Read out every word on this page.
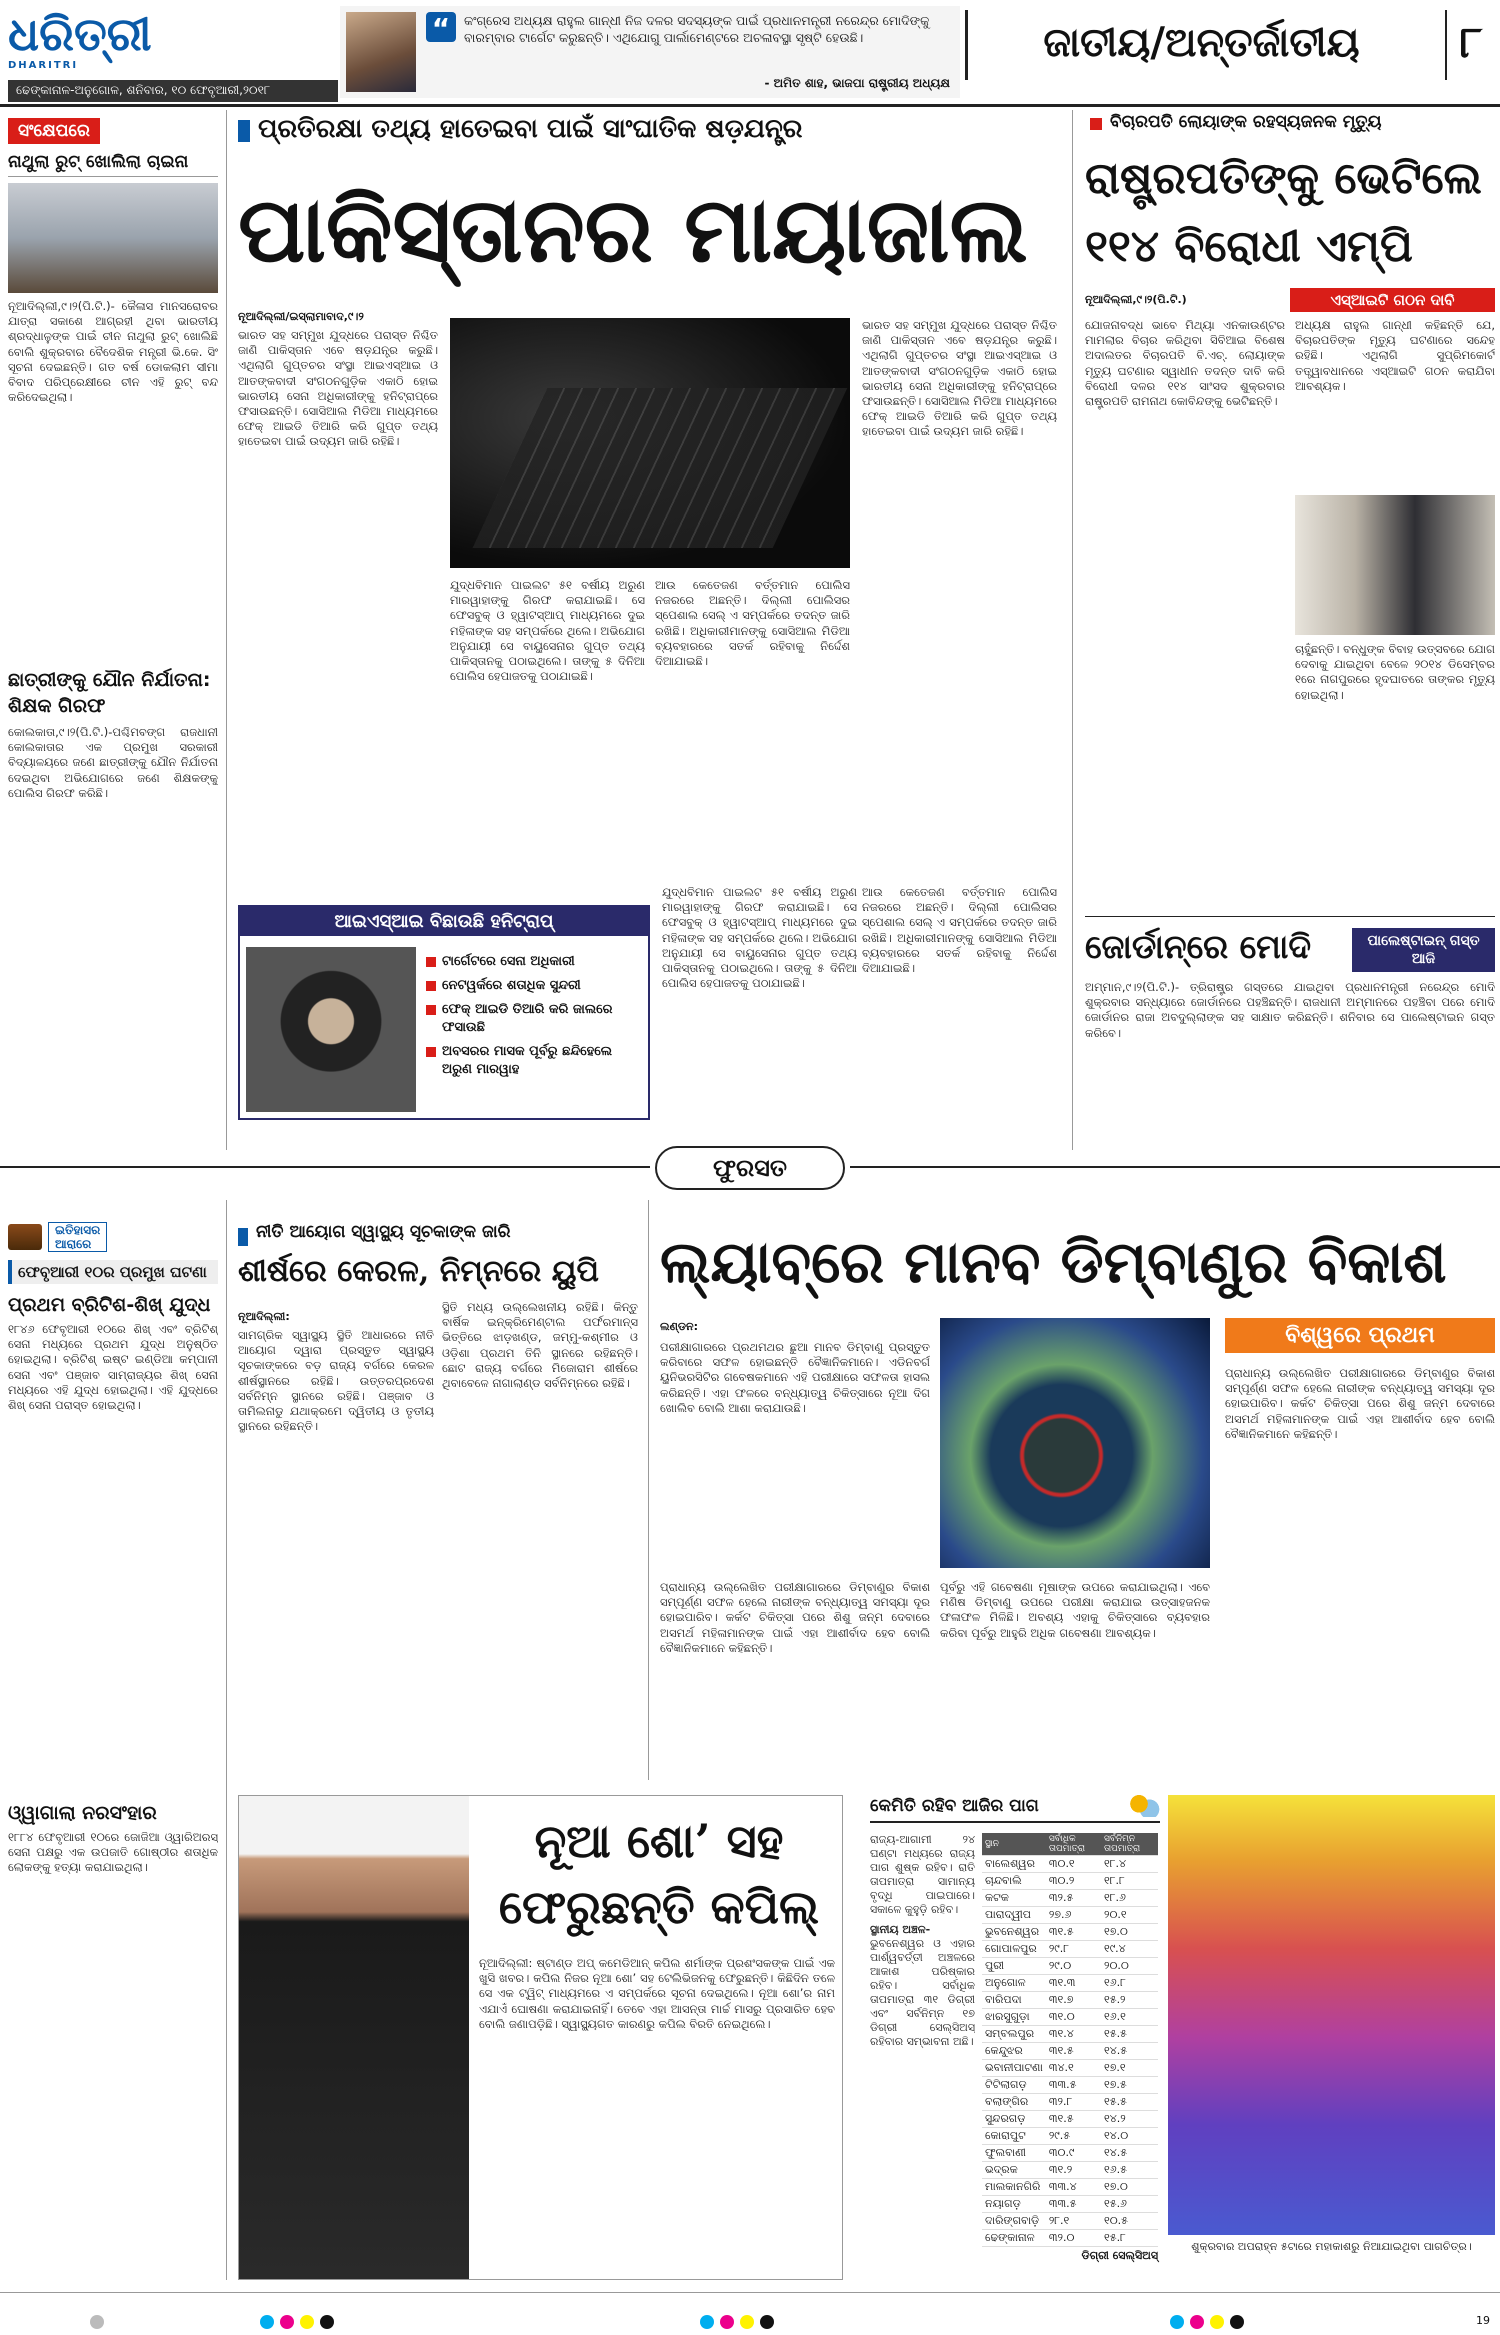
ଧରିତ୍ରୀ
DHARITRI
ଢେଙ୍କାନାଳ-ଅନୁଗୋଳ, ଶନିବାର, ୧୦ ଫେବୃଆରୀ,୨୦୧୮
“	କଂଗ୍ରେସ ଅଧ୍ୟକ୍ଷ ରାହୁଲ ଗାନ୍ଧୀ ନିଜ ଦଳର ସଦସ୍ୟଙ୍କ ପାଇଁ ପ୍ରଧାନମନ୍ତ୍ରୀ ନରେନ୍ଦ୍ର ମୋଦିଙ୍କୁ ବାରମ୍ବାର ଟାର୍ଗେଟ କରୁଛନ୍ତି। ଏଥିଯୋଗୁ ପାର୍ଲାମେଣ୍ଟରେ ଅଚଳାବସ୍ଥା ସୃଷ୍ଟି ହେଉଛି।
- ଅମିତ ଶାହ, ଭାଜପା ରାଷ୍ଟ୍ରୀୟ ଅଧ୍ୟକ୍ଷ
ଜାତୀୟ/ଅନ୍ତର୍ଜାତୀୟ	୮
ସଂକ୍ଷେପରେ
ନାଥୁଲା ରୁଟ୍ ଖୋଲିଲା ଚାଇନା
ନୂଆଦିଲ୍ଲୀ,୯।୨(ପି.ଟି.)- କୈଳାସ ମାନସରୋବର ଯାତ୍ରା ସକାଶେ ଆଗ୍ରହୀ ଥିବା ଭାରତୀୟ ଶ୍ରଦ୍ଧାଳୁଙ୍କ ପାଇଁ ଚୀନ ନାଥୁଲା ରୁଟ୍ ଖୋଲିଛି ବୋଲି ଶୁକ୍ରବାର ବୈଦେଶିକ ମନ୍ତ୍ରୀ ଭି.କେ. ସିଂ ସୂଚନା ଦେଇଛନ୍ତି। ଗତ ବର୍ଷ ଡୋକଲାମ ସୀମା ବିବାଦ ପରିପ୍ରେକ୍ଷୀରେ ଚୀନ ଏହି ରୁଟ୍ ବନ୍ଦ କରିଦେଇଥିଲା।
ଛାତ୍ରୀଙ୍କୁ ଯୌନ ନିର୍ଯାତନା: ଶିକ୍ଷକ ଗିରଫ
କୋଲକାତା,୯।୨(ପି.ଟି.)-ପଶ୍ଚିମବଙ୍ଗ ରାଜଧାନୀ କୋଲକାତାର ଏକ ପ୍ରମୁଖ ସରକାରୀ ବିଦ୍ୟାଳୟରେ ଜଣେ ଛାତ୍ରୀଙ୍କୁ ଯୌନ ନିର୍ଯାତନା ଦେଇଥିବା ଅଭିଯୋଗରେ ଜଣେ ଶିକ୍ଷକଙ୍କୁ ପୋଲିସ ଗିରଫ କରିଛି।
ପ୍ରତିରକ୍ଷା ତଥ୍ୟ ହାତେଇବା ପାଇଁ ସାଂଘାତିକ ଷଡ଼ଯନ୍ତ୍ର
ପାକିସ୍ତାନର ମାୟାଜାଲ
ନୂଆଦିଲ୍ଲୀ/ଇସ୍‌ଲାମାବାଦ,୯।୨
ଭାରତ ସହ ସମ୍ମୁଖ ଯୁଦ୍ଧରେ ପରାସ୍ତ ନିଶ୍ଚିତ ଜାଣି ପାକିସ୍ତାନ ଏବେ ଷଡ଼ଯନ୍ତ୍ର କରୁଛି। ଏଥିଲାଗି ଗୁପ୍ତଚର ସଂସ୍ଥା ଆଇଏସ୍‌ଆଇ ଓ ଆତଙ୍କବାଦୀ ସଂଗଠନଗୁଡ଼ିକ ଏକାଠି ହୋଇ ଭାରତୀୟ ସେନା ଅଧିକାରୀଙ୍କୁ ହନିଟ୍ରାପ୍‌ରେ ଫସାଉଛନ୍ତି। ସୋସିଆଲ ମିଡିଆ ମାଧ୍ୟମରେ ଫେକ୍ ଆଇଡି ତିଆରି କରି ଗୁପ୍ତ ତଥ୍ୟ ହାତେଇବା ପାଇଁ ଉଦ୍ୟମ ଜାରି ରହିଛି।
ଯୁଦ୍ଧବିମାନ ପାଇଲଟ ୫୧ ବର୍ଷୀୟ ଅରୁଣ ମାରୱାହାଙ୍କୁ ଗିରଫ କରାଯାଇଛି। ସେ ଫେସବୁକ୍ ଓ ହ୍ୱାଟସ୍‌ଆପ୍ ମାଧ୍ୟମରେ ଦୁଇ ମହିଳାଙ୍କ ସହ ସମ୍ପର୍କରେ ଥିଲେ। ଅଭିଯୋଗ ଅନୁଯାୟୀ ସେ ବାୟୁସେନାର ଗୁପ୍ତ ତଥ୍ୟ ପାକିସ୍ତାନକୁ ପଠାଇଥିଲେ। ତାଙ୍କୁ ୫ ଦିନିଆ ପୋଲିସ ହେପାଜତକୁ ପଠାଯାଇଛି।
ଆଉ କେତେଜଣ ବର୍ତ୍ତମାନ ପୋଲିସ ନଜରରେ ଅଛନ୍ତି। ଦିଲ୍ଲୀ ପୋଲିସର ସ୍ପେଶାଲ ସେଲ୍ ଏ ସମ୍ପର୍କରେ ତଦନ୍ତ ଜାରି ରଖିଛି। ଅଧିକାରୀମାନଙ୍କୁ ସୋସିଆଲ ମିଡିଆ ବ୍ୟବହାରରେ ସତର୍କ ରହିବାକୁ ନିର୍ଦ୍ଦେଶ ଦିଆଯାଇଛି।
ଭାରତ ସହ ସମ୍ମୁଖ ଯୁଦ୍ଧରେ ପରାସ୍ତ ନିଶ୍ଚିତ ଜାଣି ପାକିସ୍ତାନ ଏବେ ଷଡ଼ଯନ୍ତ୍ର କରୁଛି। ଏଥିଲାଗି ଗୁପ୍ତଚର ସଂସ୍ଥା ଆଇଏସ୍‌ଆଇ ଓ ଆତଙ୍କବାଦୀ ସଂଗଠନଗୁଡ଼ିକ ଏକାଠି ହୋଇ ଭାରତୀୟ ସେନା ଅଧିକାରୀଙ୍କୁ ହନିଟ୍ରାପ୍‌ରେ ଫସାଉଛନ୍ତି। ସୋସିଆଲ ମିଡିଆ ମାଧ୍ୟମରେ ଫେକ୍ ଆଇଡି ତିଆରି କରି ଗୁପ୍ତ ତଥ୍ୟ ହାତେଇବା ପାଇଁ ଉଦ୍ୟମ ଜାରି ରହିଛି।
ଆଇଏସ୍‌ଆଇ ବିଛାଉଛି ହନିଟ୍ରାପ୍
ଟାର୍ଗେଟରେ ସେନା ଅଧିକାରୀ
ନେଟୱର୍କରେ ଶତାଧିକ ସୁନ୍ଦରୀ
ଫେକ୍ ଆଇଡି ତିଆରି କରି ଜାଲରେ ଫସାଉଛି
ଅବସରର ମାସକ ପୂର୍ବରୁ ଛନ୍ଦିହେଲେ ଅରୁଣ ମାରୱାହ
ଯୁଦ୍ଧବିମାନ ପାଇଲଟ ୫୧ ବର୍ଷୀୟ ଅରୁଣ ମାରୱାହାଙ୍କୁ ଗିରଫ କରାଯାଇଛି। ସେ ଫେସବୁକ୍ ଓ ହ୍ୱାଟସ୍‌ଆପ୍ ମାଧ୍ୟମରେ ଦୁଇ ମହିଳାଙ୍କ ସହ ସମ୍ପର୍କରେ ଥିଲେ। ଅଭିଯୋଗ ଅନୁଯାୟୀ ସେ ବାୟୁସେନାର ଗୁପ୍ତ ତଥ୍ୟ ପାକିସ୍ତାନକୁ ପଠାଇଥିଲେ। ତାଙ୍କୁ ୫ ଦିନିଆ ପୋଲିସ ହେପାଜତକୁ ପଠାଯାଇଛି।
ଆଉ କେତେଜଣ ବର୍ତ୍ତମାନ ପୋଲିସ ନଜରରେ ଅଛନ୍ତି। ଦିଲ୍ଲୀ ପୋଲିସର ସ୍ପେଶାଲ ସେଲ୍ ଏ ସମ୍ପର୍କରେ ତଦନ୍ତ ଜାରି ରଖିଛି। ଅଧିକାରୀମାନଙ୍କୁ ସୋସିଆଲ ମିଡିଆ ବ୍ୟବହାରରେ ସତର୍କ ରହିବାକୁ ନିର୍ଦ୍ଦେଶ ଦିଆଯାଇଛି।
ବିଚାରପତି ଲୋୟାଙ୍କ ରହସ୍ୟଜନକ ମୃତ୍ୟୁ
ରାଷ୍ଟ୍ରପତିଙ୍କୁ ଭେଟିଲେ
୧୧୪ ବିରୋଧୀ ଏମ୍‌ପି
ନୂଆଦିଲ୍ଲୀ,୯।୨(ପି.ଟି.)	ଏସ୍‌ଆଇଟି ଗଠନ ଦାବି
ଯୋଜନାବଦ୍ଧ ଭାବେ ମିଥ୍ୟା ଏନକାଉଣ୍ଟର ମାମଲାର ବିଚାର କରିଥିବା ସିବିଆଇ ବିଶେଷ ଅଦାଲତର ବିଚାରପତି ବି.ଏଚ୍. ଲୋୟାଙ୍କ ମୃତ୍ୟୁ ଘଟଣାର ସ୍ୱାଧୀନ ତଦନ୍ତ ଦାବି କରି ବିରୋଧୀ ଦଳର ୧୧୪ ସାଂସଦ ଶୁକ୍ରବାର ରାଷ୍ଟ୍ରପତି ରାମନାଥ କୋବିନ୍ଦଙ୍କୁ ଭେଟିଛନ୍ତି।
ଅଧ୍ୟକ୍ଷ ରାହୁଲ ଗାନ୍ଧୀ କହିଛନ୍ତି ଯେ, ବିଚାରପତିଙ୍କ ମୃତ୍ୟୁ ଘଟଣାରେ ସନ୍ଦେହ ରହିଛି। ଏଥିଲାଗି ସୁପ୍ରିମକୋର୍ଟ ତତ୍ତ୍ୱାବଧାନରେ ଏସ୍‌ଆଇଟି ଗଠନ କରାଯିବା ଆବଶ୍ୟକ।
ଚାହୁଁଛନ୍ତି। ବନ୍ଧୁଙ୍କ ବିବାହ ଉତ୍ସବରେ ଯୋଗ ଦେବାକୁ ଯାଇଥିବା ବେଳେ ୨୦୧୪ ଡିସେମ୍ବର ୧ରେ ନାଗପୁରରେ ହୃଦଘାତରେ ତାଙ୍କର ମୃତ୍ୟୁ ହୋଇଥିଲା।
ଜୋର୍ଡାନ୍‌ରେ ମୋଦି	ପାଲେଷ୍ଟାଇନ୍ ଗସ୍ତ ଆଜି
ଅମ୍ମାନ,୯।୨(ପି.ଟି.)- ତ୍ରିରାଷ୍ଟ୍ର ଗସ୍ତରେ ଯାଇଥିବା ପ୍ରଧାନମନ୍ତ୍ରୀ ନରେନ୍ଦ୍ର ମୋଦି ଶୁକ୍ରବାର ସନ୍ଧ୍ୟାରେ ଜୋର୍ଡାନରେ ପହଞ୍ଚିଛନ୍ତି। ରାଜଧାନୀ ଅମ୍ମାନରେ ପହଞ୍ଚିବା ପରେ ମୋଦି ଜୋର୍ଡାନର ରାଜା ଅବଦୁଲ୍ଲାଙ୍କ ସହ ସାକ୍ଷାତ କରିଛନ୍ତି। ଶନିବାର ସେ ପାଲେଷ୍ଟାଇନ ଗସ୍ତ କରିବେ।
ଫୁରସତ
ଇତିହାସର
ଆରାରେ
ଫେବୃଆରୀ ୧୦ର ପ୍ରମୁଖ ଘଟଣା
ପ୍ରଥମ ବ୍ରିଟିଶ-ଶିଖ୍ ଯୁଦ୍ଧ
୧୮୪୬ ଫେବୃଆରୀ ୧୦ରେ ଶିଖ୍ ଏବଂ ବ୍ରିଟିଶ୍ ସେନା ମଧ୍ୟରେ ପ୍ରଥମ ଯୁଦ୍ଧ ଅନୁଷ୍ଠିତ ହୋଇଥିଲା। ବ୍ରିଟିଶ୍ ଇଷ୍ଟ ଇଣ୍ଡିଆ କମ୍ପାନୀ ସେନା ଏବଂ ପଞ୍ଜାବ ସାମ୍ରାଜ୍ୟର ଶିଖ୍ ସେନା ମଧ୍ୟରେ ଏହି ଯୁଦ୍ଧ ହୋଇଥିଲା। ଏହି ଯୁଦ୍ଧରେ ଶିଖ୍ ସେନା ପରାସ୍ତ ହୋଇଥିଲା।
ଓ୍ୱାଗାଲା ନରସଂହାର
୧୮୮୪ ଫେବୃଆରୀ ୧୦ରେ ଜୋଜିଆ ଓ୍ୱାରିଅରସ୍ ସେନା ପକ୍ଷରୁ ଏକ ଉପଜାତି ଗୋଷ୍ଠୀର ଶତାଧିକ ଲୋକଙ୍କୁ ହତ୍ୟା କରାଯାଇଥିଲା।
ନୀତି ଆୟୋଗ ସ୍ୱାସ୍ଥ୍ୟ ସୂଚକାଙ୍କ ଜାରି
ଶୀର୍ଷରେ କେରଳ, ନିମ୍ନରେ ୟୁପି
ନୂଆଦିଲ୍ଲୀ:
ସାମଗ୍ରିକ ସ୍ୱାସ୍ଥ୍ୟ ସ୍ଥିତି ଆଧାରରେ ନୀତି ଆୟୋଗ ଦ୍ୱାରା ପ୍ରସ୍ତୁତ ସ୍ୱାସ୍ଥ୍ୟ ସୂଚକାଙ୍କରେ ବଡ଼ ରାଜ୍ୟ ବର୍ଗରେ କେରଳ ଶୀର୍ଷସ୍ଥାନରେ ରହିଛି। ଉତ୍ତରପ୍ରଦେଶ ସର୍ବନିମ୍ନ ସ୍ଥାନରେ ରହିଛି। ପଞ୍ଜାବ ଓ ତାମିଲନାଡୁ ଯଥାକ୍ରମେ ଦ୍ୱିତୀୟ ଓ ତୃତୀୟ ସ୍ଥାନରେ ରହିଛନ୍ତି।
ସ୍ଥିତି ମଧ୍ୟ ଉଲ୍ଲେଖନୀୟ ରହିଛି। କିନ୍ତୁ ବାର୍ଷିକ ଇନ୍‌କ୍ରିମେଣ୍ଟାଲ ପର୍ଫରମାନ୍ସ ଭିତ୍ତିରେ ଝାଡ଼଼ଖଣ୍ଡ, ଜମ୍ମୁ-କଶ୍ମୀର ଓ ଓଡ଼ିଶା ପ୍ରଥମ ତିନି ସ୍ଥାନରେ ରହିଛନ୍ତି। ଛୋଟ ରାଜ୍ୟ ବର୍ଗରେ ମିଜୋରାମ ଶୀର୍ଷରେ ଥିବାବେଳେ ନାଗାଲାଣ୍ଡ ସର୍ବନିମ୍ନରେ ରହିଛି।
ଲ୍ୟାବ୍‌ରେ ମାନବ ଡିମ୍ବାଣୁର ବିକାଶ
ଲଣ୍ଡନ:
ପରୀକ୍ଷାଗାରରେ ପ୍ରଥମଥର ଛୁଆ ମାନବ ଡିମ୍ବାଣୁ ପ୍ରସ୍ତୁତ କରିବାରେ ସଫଳ ହୋଇଛନ୍ତି ବୈଜ୍ଞାନିକମାନେ। ଏଡିନବର୍ଗ ୟୁନିଭରସିଟିର ଗବେଷକମାନେ ଏହି ପରୀକ୍ଷାରେ ସଫଳତା ହାସଲ କରିଛନ୍ତି। ଏହା ଫଳରେ ବନ୍ଧ୍ୟାତ୍ୱ ଚିକିତ୍ସାରେ ନୂଆ ଦିଗ ଖୋଲିବ ବୋଲି ଆଶା କରାଯାଉଛି।
ପ୍ରାଧାନ୍ୟ ଉଲ୍ଲେଖିତ ପରୀକ୍ଷାଗାରରେ ଡିମ୍ବାଣୁର ବିକାଶ ସମ୍ପୂର୍ଣ୍ଣ ସଫଳ ହେଲେ ନାରୀଙ୍କ ବନ୍ଧ୍ୟାତ୍ୱ ସମସ୍ୟା ଦୂର ହୋଇପାରିବ। କର୍କଟ ଚିକିତ୍ସା ପରେ ଶିଶୁ ଜନ୍ମ ଦେବାରେ ଅସମର୍ଥ ମହିଳାମାନଙ୍କ ପାଇଁ ଏହା ଆଶୀର୍ବାଦ ହେବ ବୋଲି ବୈଜ୍ଞାନିକମାନେ କହିଛନ୍ତି।
ପୂର୍ବରୁ ଏହି ଗବେଷଣା ମୂଷାଙ୍କ ଉପରେ କରାଯାଇଥିଲା। ଏବେ ମଣିଷ ଡିମ୍ବାଣୁ ଉପରେ ପରୀକ୍ଷା କରାଯାଇ ଉତ୍ସାହଜନକ ଫଳାଫଳ ମିଳିଛି। ଅବଶ୍ୟ ଏହାକୁ ଚିକିତ୍ସାରେ ବ୍ୟବହାର କରିବା ପୂର୍ବରୁ ଆହୁରି ଅଧିକ ଗବେଷଣା ଆବଶ୍ୟକ।
ବିଶ୍ୱରେ ପ୍ରଥମ
ପ୍ରାଧାନ୍ୟ ଉଲ୍ଲେଖିତ ପରୀକ୍ଷାଗାରରେ ଡିମ୍ବାଣୁର ବିକାଶ ସମ୍ପୂର୍ଣ୍ଣ ସଫଳ ହେଲେ ନାରୀଙ୍କ ବନ୍ଧ୍ୟାତ୍ୱ ସମସ୍ୟା ଦୂର ହୋଇପାରିବ। କର୍କଟ ଚିକିତ୍ସା ପରେ ଶିଶୁ ଜନ୍ମ ଦେବାରେ ଅସମର୍ଥ ମହିଳାମାନଙ୍କ ପାଇଁ ଏହା ଆଶୀର୍ବାଦ ହେବ ବୋଲି ବୈଜ୍ଞାନିକମାନେ କହିଛନ୍ତି।
ନୂଆ ଶୋ’ ସହ
ଫେରୁଛନ୍ତି କପିଲ୍
ନୂଆଦିଲ୍ଲୀ: ଷ୍ଟାଣ୍ଡ ଅପ୍ କମେଡିଆନ୍ କପିଲ ଶର୍ମାଙ୍କ ପ୍ରଶଂସକଙ୍କ ପାଇଁ ଏକ ଖୁସି ଖବର। କପିଲ ନିଜର ନୂଆ ଶୋ’ ସହ ଟେଲିଭିଜନକୁ ଫେରୁଛନ୍ତି। କିଛିଦିନ ତଳେ ସେ ଏକ ଟ୍ୱିଟ୍ ମାଧ୍ୟମରେ ଏ ସମ୍ପର୍କରେ ସୂଚନା ଦେଇଥିଲେ। ନୂଆ ଶୋ’ର ନାମ ଏଯାଏଁ ଘୋଷଣା କରାଯାଇନାହିଁ। ତେବେ ଏହା ଆସନ୍ତା ମାର୍ଚ୍ଚ ମାସରୁ ପ୍ରସାରିତ ହେବ ବୋଲି ଜଣାପଡ଼ିଛି। ସ୍ୱାସ୍ଥ୍ୟଗତ କାରଣରୁ କପିଲ ବିରତି ନେଇଥିଲେ।
କେମିତି ରହିବ ଆଜିର ପାଗ
ରାଜ୍ୟ-ଆଗାମୀ ୨୪ ଘଣ୍ଟା ମଧ୍ୟରେ ରାଜ୍ୟ ପାଗ ଶୁଷ୍କ ରହିବ। ରାତି ତାପମାତ୍ରା ସାମାନ୍ୟ ବୃଦ୍ଧି ପାଇପାରେ। ସକାଳେ କୁହୁଡ଼ି ରହିବ।
ସ୍ଥାନୀୟ ଅଞ୍ଚଳ-
ଭୁବନେଶ୍ୱର ଓ ଏହାର ପାର୍ଶ୍ୱବର୍ତ୍ତୀ ଅଞ୍ଚଳରେ ଆକାଶ ପରିଷ୍କାର ରହିବ। ସର୍ବାଧିକ ତାପମାତ୍ରା ୩୧ ଡିଗ୍ରୀ ଏବଂ ସର୍ବନିମ୍ନ ୧୭ ଡିଗ୍ରୀ ସେଲ୍‌ସିଅସ୍ ରହିବାର ସମ୍ଭାବନା ଅଛି।
ସ୍ଥାନ	ସର୍ବାଧିକ ତାପମାତ୍ରା	ସର୍ବନିମ୍ନ ତାପମାତ୍ରା
ବାଲେଶ୍ୱର	୩୦.୧	୧୮.୪
ଚାନ୍ଦବାଲି	୩୦.୨	୧୮.୮
କଟକ	୩୨.୫	୧୮.୬
ପାରାଦ୍ୱୀପ	୨୭.୬	୨୦.୧
ଭୁବନେଶ୍ୱର	୩୧.୫	୧୭.୦
ଗୋପାଳପୁର	୨୯.୮	୧୯.୪
ପୁରୀ	୨୯.୦	୨୦.୦
ଅନୁଗୋଳ	୩୧.୩	୧୬.୮
ବାରିପଦା	୩୧.୭	୧୫.୨
ଝାରସୁଗୁଡ଼ା	୩୧.୦	୧୬.୧
ସମ୍ବଲପୁର	୩୧.୪	୧୫.୫
କେନ୍ଦୁଝର	୩୧.୫	୧୪.୫
ଭବାନୀପାଟଣା	୩୪.୧	୧୭.୧
ଟିଟିଲାଗଡ଼	୩୩.୫	୧୭.୫
ବଲାଙ୍ଗିର	୩୨.୮	୧୫.୫
ସୁନ୍ଦରଗଡ଼	୩୧.୫	୧୪.୨
କୋରାପୁଟ	୨୯.୫	୧୪.୦
ଫୁଲବାଣୀ	୩୦.୯	୧୪.୫
ଭଦ୍ରକ	୩୧.୨	୧୬.୫
ମାଲକାନଗିରି	୩୩.୪	୧୭.୦
ନୟାଗଡ଼	୩୩.୫	୧୫.୬
ଦାରିଙ୍ଗବାଡ଼ି	୨୮.୧	୧୦.୫
ଢେଙ୍କାନାଳ	୩୨.୦	୧୫.୮
ଡିଗ୍ରୀ ସେଲ୍‌ସିଅସ୍
ଶୁକ୍ରବାର ଅପରାହ୍ନ ୫ଟାରେ ମହାକାଶରୁ ନିଆଯାଇଥିବା ପାଗଚିତ୍ର।
19
